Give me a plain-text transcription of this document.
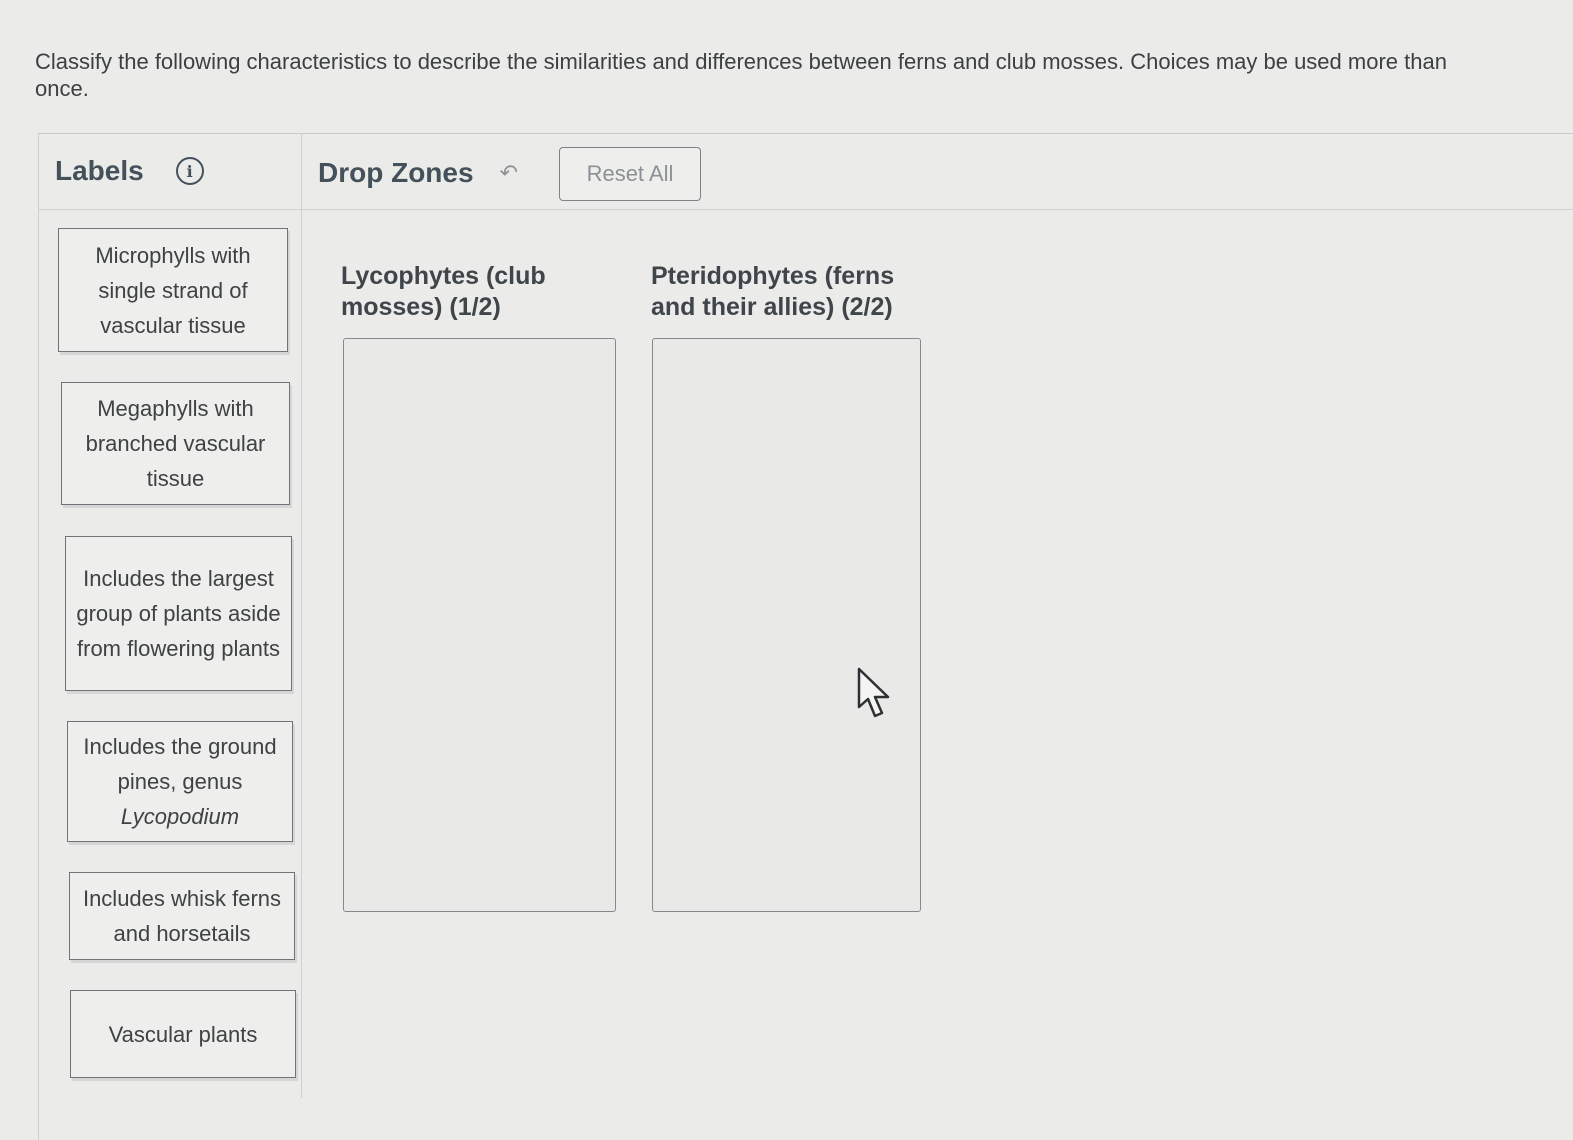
Classify the following characteristics to describe the similarities and differences between ferns and club mosses. Choices may be used more than once.
Labels	i	Drop Zones ↶	Reset All
Microphylls with single strand of vascular tissue
Megaphylls with branched vascular tissue
Includes the largest group of plants aside from flowering plants
Includes the ground pines, genus Lycopodium
Includes whisk ferns and horsetails
Vascular plants
Lycophytes (club mosses) (1/2)
Pteridophytes (ferns and their allies) (2/2)
